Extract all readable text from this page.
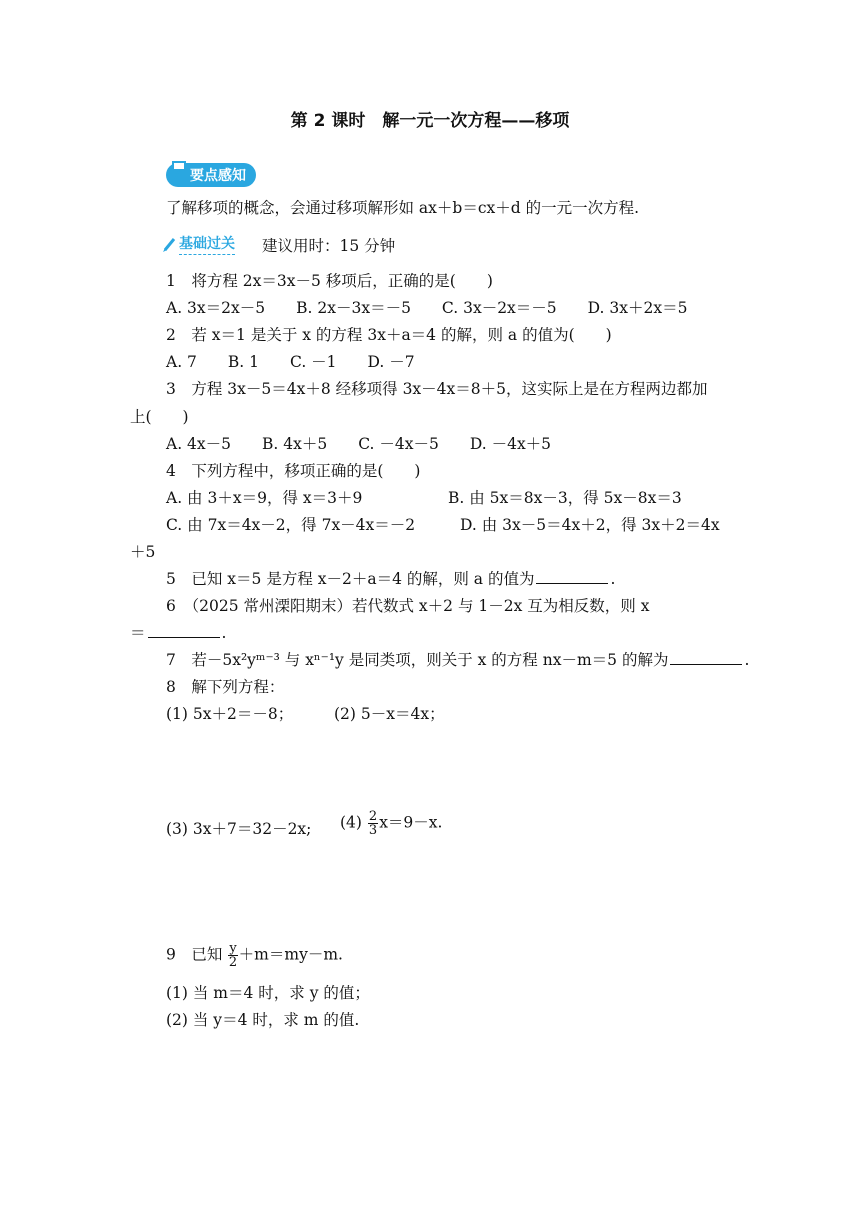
第 2 课时　解一元一次方程——移项
要点感知
了解移项的概念，会通过移项解形如 ax＋b＝cx＋d 的一元一次方程.
基础过关 建议用时：15 分钟
1　将方程 2x＝3x－5 移项后，正确的是(　　)
A. 3x＝2x－5　　B. 2x－3x＝－5　　C. 3x－2x＝－5　　D. 3x＋2x＝5
2　若 x＝1 是关于 x 的方程 3x＋a＝4 的解，则 a 的值为(　　)
A. 7　　B. 1　　C. －1　　D. －7
3　方程 3x－5＝4x＋8 经移项得 3x－4x＝8＋5，这实际上是在方程两边都加
上(　　)
A. 4x－5　　B. 4x＋5　　C. －4x－5　　D. －4x＋5
4　下列方程中，移项正确的是(　　)
A. 由 3＋x＝9，得 x＝3＋9	B. 由 5x＝8x－3，得 5x－8x＝3
C. 由 7x＝4x－2，得 7x－4x＝－2	D. 由 3x－5＝4x＋2，得 3x＋2＝4x
＋5
5　已知 x＝5 是方程 x－2＋a＝4 的解，则 a 的值为	.
6　（2025 常州溧阳期末）若代数式 x＋2 与 1－2x 互为相反数，则 x
＝	.
7　若－5x²yᵐ⁻³ 与 xⁿ⁻¹y 是同类项，则关于 x 的方程 nx－m＝5 的解为	.
8　解下列方程：
(1) 5x＋2＝－8；	(2) 5－x＝4x；
(3) 3x＋7＝32－2x; $(4) \frac{2}{3} x=9-x$.
9　已知 $\frac{y}{2} +m=my-m$.
(1) 当 m＝4 时，求 y 的值；
(2) 当 y＝4 时，求 m 的值.
